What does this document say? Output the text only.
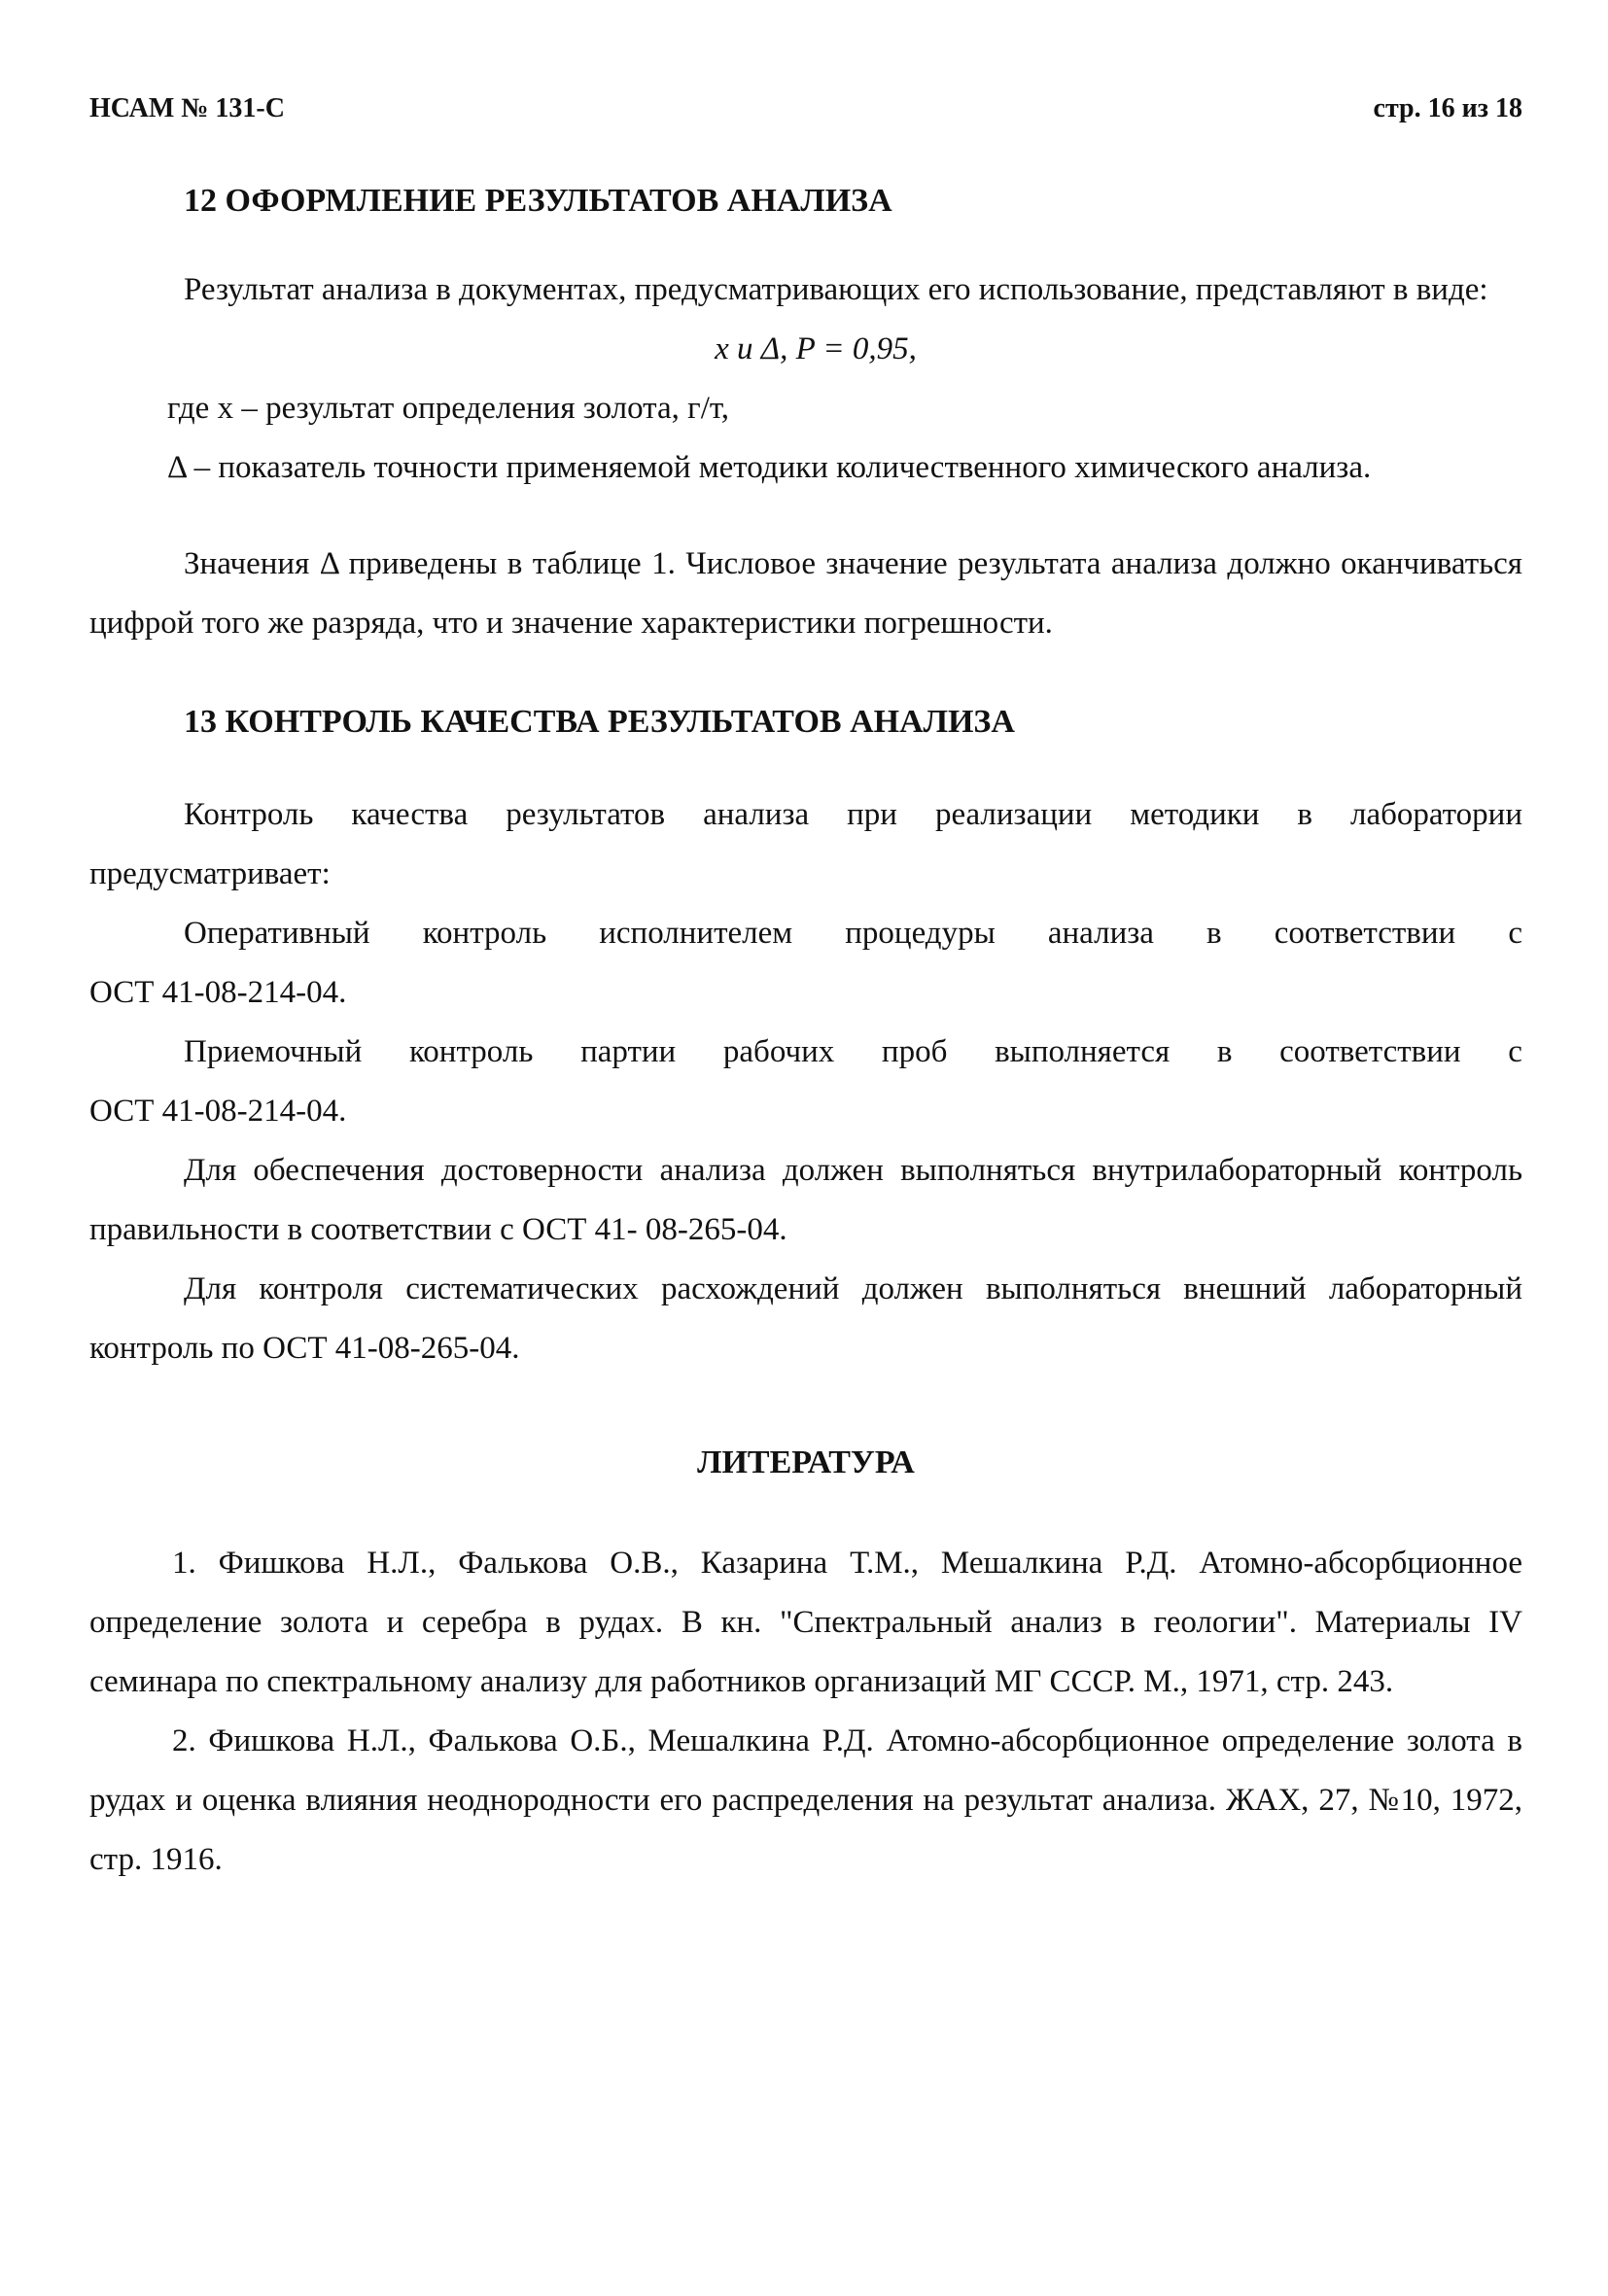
НСАМ № 131-С	стр. 16 из 18
12 ОФОРМЛЕНИЕ РЕЗУЛЬТАТОВ АНАЛИЗА
Результат анализа в документах, предусматривающих его использование, представляют в виде:
x и Δ, P = 0,95,
где x – результат определения золота, г/т,
Δ – показатель точности применяемой методики количественного химического анализа.
Значения Δ приведены в таблице 1. Числовое значение результата анализа должно оканчиваться цифрой того же разряда, что и значение характеристики погрешности.
13 КОНТРОЛЬ КАЧЕСТВА РЕЗУЛЬТАТОВ АНАЛИЗА
Контроль качества результатов анализа при реализации методики в лаборатории предусматривает:
Оперативный контроль исполнителем процедуры анализа в соответствии с
ОСТ 41-08-214-04.
Приемочный контроль партии рабочих проб выполняется в соответствии с
ОСТ 41-08-214-04.
Для обеспечения достоверности анализа должен выполняться внутрилабораторный контроль правильности в соответствии с ОСТ 41- 08-265-04.
Для контроля систематических расхождений должен выполняться внешний лабораторный контроль по ОСТ 41-08-265-04.
ЛИТЕРАТУРА
1. Фишкова Н.Л., Фалькова О.В., Казарина Т.М., Мешалкина Р.Д. Атомно-абсорбционное определение золота и серебра в рудах. В кн. "Спектральный анализ в геологии". Материалы IV семинара по спектральному анализу для работников организаций МГ СССР. М., 1971, стр. 243.
2. Фишкова Н.Л., Фалькова О.Б., Мешалкина Р.Д. Атомно-абсорбционное определение золота в рудах и оценка влияния неоднородности его распределения на результат анализа. ЖАХ, 27, №10, 1972, стр. 1916.
